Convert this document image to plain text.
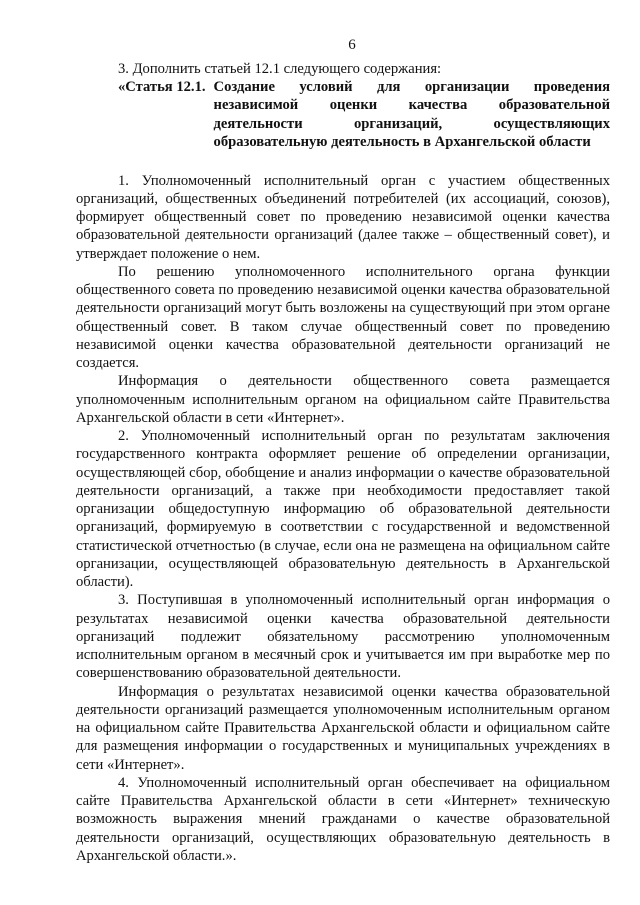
6

3. Дополнить статьей 12.1 следующего содержания:

«Статья 12.1. Создание условий для организации проведения независимой оценки качества образовательной деятельности организаций, осуществляющих образовательную деятельность в Архангельской области

1. Уполномоченный исполнительный орган с участием общественных организаций, общественных объединений потребителей (их ассоциаций, союзов), формирует общественный совет по проведению независимой оценки качества образовательной деятельности организаций (далее также – общественный совет), и утверждает положение о нем.

По решению уполномоченного исполнительного органа функции общественного совета по проведению независимой оценки качества образовательной деятельности организаций могут быть возложены на существующий при этом органе общественный совет. В таком случае общественный совет по проведению независимой оценки качества образовательной деятельности организаций не создается.

Информация о деятельности общественного совета размещается уполномоченным исполнительным органом на официальном сайте Правительства Архангельской области в сети «Интернет».

2. Уполномоченный исполнительный орган по результатам заключения государственного контракта оформляет решение об определении организации, осуществляющей сбор, обобщение и анализ информации о качестве образовательной деятельности организаций, а также при необходимости предоставляет такой организации общедоступную информацию об образовательной деятельности организаций, формируемую в соответствии с государственной и ведомственной статистической отчетностью (в случае, если она не размещена на официальном сайте организации, осуществляющей образовательную деятельность в Архангельской области).

3. Поступившая в уполномоченный исполнительный орган информация о результатах независимой оценки качества образовательной деятельности организаций подлежит обязательному рассмотрению уполномоченным исполнительным органом в месячный срок и учитывается им при выработке мер по совершенствованию образовательной деятельности.

Информация о результатах независимой оценки качества образовательной деятельности организаций размещается уполномоченным исполнительным органом на официальном сайте Правительства Архангельской области и официальном сайте для размещения информации о государственных и муниципальных учреждениях в сети «Интернет».

4. Уполномоченный исполнительный орган обеспечивает на официальном сайте Правительства Архангельской области в сети «Интернет» техническую возможность выражения мнений гражданами о качестве образовательной деятельности организаций, осуществляющих образовательную деятельность в Архангельской области.».
